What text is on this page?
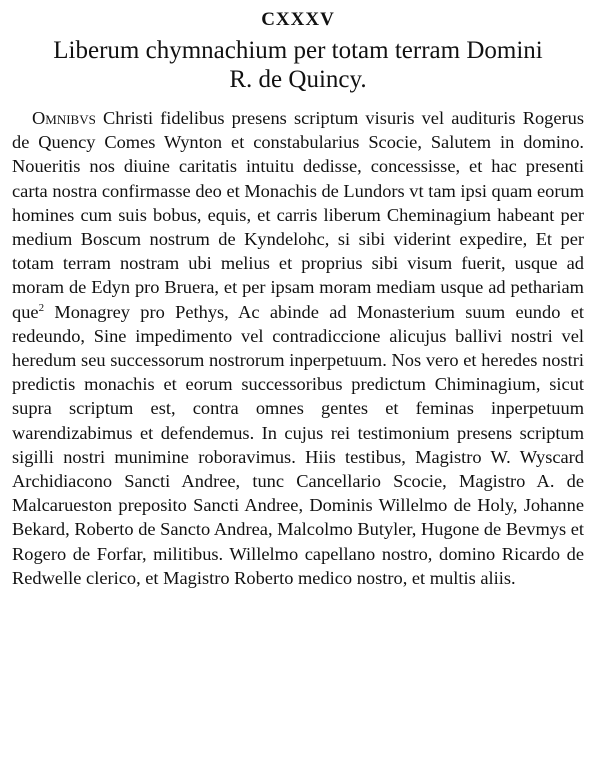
CXXXV
Liberum chymnachium per totam terram Domini
R. de Quincy.

Omnibvs Christi fidelibus presens scriptum visuris vel audituris Rogerus de Quency Comes Wynton et constabularius Scocie, Salutem in domino. Noueritis nos diuine caritatis intuitu dedisse, concessisse, et hac presenti carta nostra confirmasse deo et Monachis de Lundors vt tam ipsi quam eorum homines cum suis bobus, equis, et carris liberum Cheminagium habeant per medium Boscum nostrum de Kyndelohc, si sibi viderint expedire, Et per totam terram nostram ubi melius et proprius sibi visum fuerit, usque ad moram de Edyn pro Bruera, et per ipsam moram mediam usque ad pethariam que$^2$ Monagrey pro Pethys, Ac abinde ad Monasterium suum eundo et redeundo, Sine impedimento vel contradiccione alicujus ballivi nostri vel heredum seu successorum nostrorum inperpetuum. Nos vero et heredes nostri predictis monachis et eorum successoribus predictum Chiminagium, sicut supra scriptum est, contra omnes gentes et feminas inperpetuum warendizabimus et defendemus. In cujus rei testimonium presens scriptum sigilli nostri munimine roboravimus. Hiis testibus, Magistro W. Wyscard Archidiacono Sancti Andree, tunc Cancellario Scocie, Magistro A. de Malcarueston preposito Sancti Andree, Dominis Willelmo de Holy, Johanne Bekard, Roberto de Sancto Andrea, Malcolmo Butyler, Hugone de Bevmys et Rogero de Forfar, militibus. Willelmo capellano nostro, domino Ricardo de Redwelle clerico, et Magistro Roberto medico nostro, et multis aliis.
